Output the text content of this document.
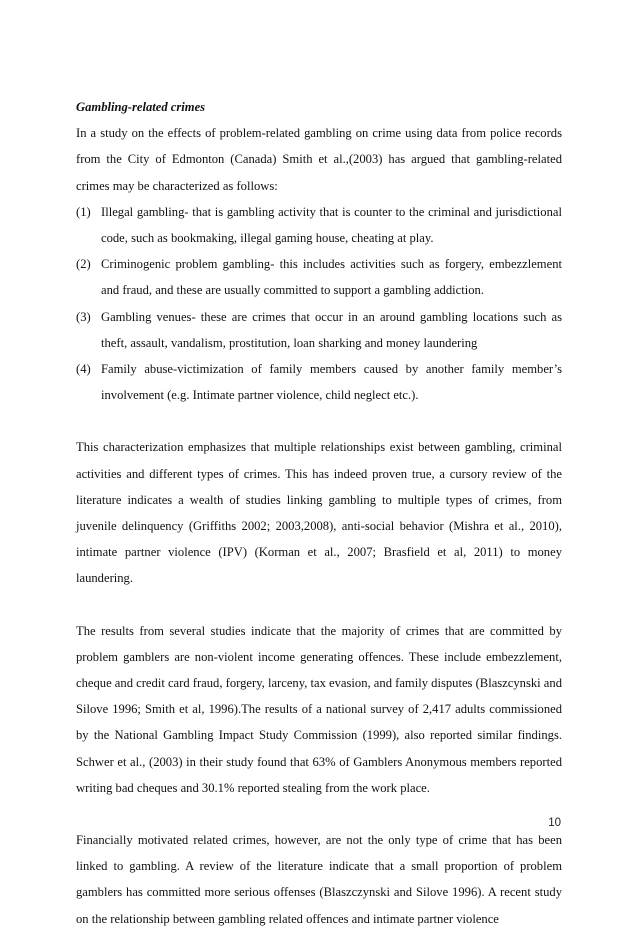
Gambling-related crimes

In a study on the effects of problem-related gambling on crime using data from police records from the City of Edmonton (Canada) Smith et al.,(2003) has argued that gambling-related crimes may be characterized as follows:

(1) Illegal gambling- that is gambling activity that is counter to the criminal and jurisdictional code, such as bookmaking, illegal gaming house, cheating at play.
(2) Criminogenic problem gambling- this includes activities such as forgery, embezzlement and fraud, and these are usually committed to support a gambling addiction.
(3) Gambling venues- these are crimes that occur in an around gambling locations such as theft, assault, vandalism, prostitution, loan sharking and money laundering
(4) Family abuse-victimization of family members caused by another family member’s involvement (e.g. Intimate partner violence, child neglect etc.).

This characterization emphasizes that multiple relationships exist between gambling, criminal activities and different types of crimes. This has indeed proven true, a cursory review of the literature indicates a wealth of studies linking gambling to multiple types of crimes, from juvenile delinquency (Griffiths 2002; 2003,2008), anti-social behavior (Mishra et al., 2010), intimate partner violence (IPV) (Korman et al., 2007; Brasfield et al, 2011) to money laundering.

The results from several studies indicate that the majority of crimes that are committed by problem gamblers are non-violent income generating offences. These include embezzlement, cheque and credit card fraud, forgery, larceny, tax evasion, and family disputes (Blaszcynski and Silove 1996; Smith et al, 1996).The results of a national survey of 2,417 adults commissioned by the National Gambling Impact Study Commission (1999), also reported similar findings. Schwer et al., (2003) in their study found that 63% of Gamblers Anonymous members reported writing bad cheques and 30.1% reported stealing from the work place.

Financially motivated related crimes, however, are not the only type of crime that has been linked to gambling. A review of the literature indicate that a small proportion of problem gamblers has committed more serious offenses (Blaszczynski and Silove 1996). A recent study on the relationship between gambling related offences and intimate partner violence

10
